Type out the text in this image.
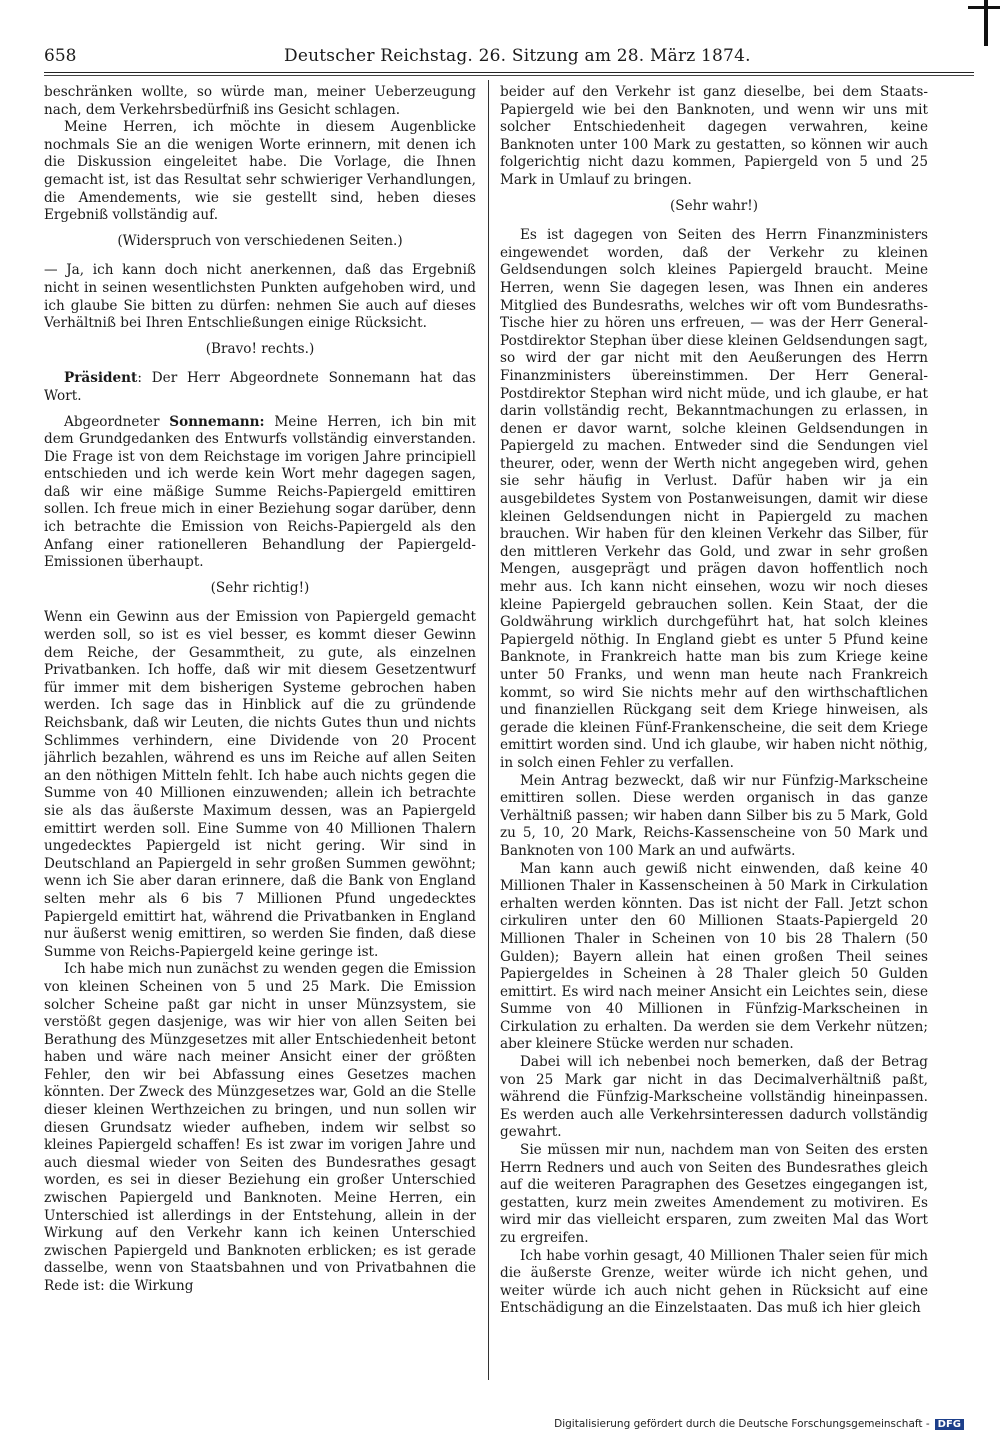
658	Deutscher Reichstag. 26. Sitzung am 28. März 1874.

beschränken wollte, so würde man, meiner Ueberzeugung nach, dem Verkehrsbedürfniß ins Gesicht schlagen.

Meine Herren, ich möchte in diesem Augenblicke nochmals Sie an die wenigen Worte erinnern, mit denen ich die Diskussion eingeleitet habe. Die Vorlage, die Ihnen gemacht ist, ist das Resultat sehr schwieriger Verhandlungen, die Amendements, wie sie gestellt sind, heben dieses Ergebniß vollständig auf.

(Widerspruch von verschiedenen Seiten.)

— Ja, ich kann doch nicht anerkennen, daß das Ergebniß nicht in seinen wesentlichsten Punkten aufgehoben wird, und ich glaube Sie bitten zu dürfen: nehmen Sie auch auf dieses Verhältniß bei Ihren Entschließungen einige Rücksicht.

(Bravo! rechts.)

Präsident: Der Herr Abgeordnete Sonnemann hat das Wort.

Abgeordneter Sonnemann: Meine Herren, ich bin mit dem Grundgedanken des Entwurfs vollständig einverstanden. Die Frage ist von dem Reichstage im vorigen Jahre principiell entschieden und ich werde kein Wort mehr dagegen sagen, daß wir eine mäßige Summe Reichs-Papiergeld emittiren sollen. Ich freue mich in einer Beziehung sogar darüber, denn ich betrachte die Emission von Reichs-Papiergeld als den Anfang einer rationelleren Behandlung der Papiergeld-Emissionen überhaupt.

(Sehr richtig!)

Wenn ein Gewinn aus der Emission von Papiergeld gemacht werden soll, so ist es viel besser, es kommt dieser Gewinn dem Reiche, der Gesammtheit, zu gute, als einzelnen Privatbanken. Ich hoffe, daß wir mit diesem Gesetzentwurf für immer mit dem bisherigen Systeme gebrochen haben werden. Ich sage das in Hinblick auf die zu gründende Reichsbank, daß wir Leuten, die nichts Gutes thun und nichts Schlimmes verhindern, eine Dividende von 20 Procent jährlich bezahlen, während es uns im Reiche auf allen Seiten an den nöthigen Mitteln fehlt. Ich habe auch nichts gegen die Summe von 40 Millionen einzuwenden; allein ich betrachte sie als das äußerste Maximum dessen, was an Papiergeld emittirt werden soll. Eine Summe von 40 Millionen Thalern ungedecktes Papiergeld ist nicht gering. Wir sind in Deutschland an Papiergeld in sehr großen Summen gewöhnt; wenn ich Sie aber daran erinnere, daß die Bank von England selten mehr als 6 bis 7 Millionen Pfund ungedecktes Papiergeld emittirt hat, während die Privatbanken in England nur äußerst wenig emittiren, so werden Sie finden, daß diese Summe von Reichs-Papiergeld keine geringe ist.

Ich habe mich nun zunächst zu wenden gegen die Emission von kleinen Scheinen von 5 und 25 Mark. Die Emission solcher Scheine paßt gar nicht in unser Münzsystem, sie verstößt gegen dasjenige, was wir hier von allen Seiten bei Berathung des Münzgesetzes mit aller Entschiedenheit betont haben und wäre nach meiner Ansicht einer der größten Fehler, den wir bei Abfassung eines Gesetzes machen könnten. Der Zweck des Münzgesetzes war, Gold an die Stelle dieser kleinen Werthzeichen zu bringen, und nun sollen wir diesen Grundsatz wieder aufheben, indem wir selbst so kleines Papiergeld schaffen! Es ist zwar im vorigen Jahre und auch diesmal wieder von Seiten des Bundesrathes gesagt worden, es sei in dieser Beziehung ein großer Unterschied zwischen Papiergeld und Banknoten. Meine Herren, ein Unterschied ist allerdings in der Entstehung, allein in der Wirkung auf den Verkehr kann ich keinen Unterschied zwischen Papiergeld und Banknoten erblicken; es ist gerade dasselbe, wenn von Staatsbahnen und von Privatbahnen die Rede ist: die Wirkung

beider auf den Verkehr ist ganz dieselbe, bei dem Staats-Papiergeld wie bei den Banknoten, und wenn wir uns mit solcher Entschiedenheit dagegen verwahren, keine Banknoten unter 100 Mark zu gestatten, so können wir auch folgerichtig nicht dazu kommen, Papiergeld von 5 und 25 Mark in Umlauf zu bringen.

(Sehr wahr!)

Es ist dagegen von Seiten des Herrn Finanzministers eingewendet worden, daß der Verkehr zu kleinen Geldsendungen solch kleines Papiergeld braucht. Meine Herren, wenn Sie dagegen lesen, was Ihnen ein anderes Mitglied des Bundesraths, welches wir oft vom Bundesraths-Tische hier zu hören uns erfreuen, — was der Herr General-Postdirektor Stephan über diese kleinen Geldsendungen sagt, so wird der gar nicht mit den Aeußerungen des Herrn Finanzministers übereinstimmen. Der Herr General-Postdirektor Stephan wird nicht müde, und ich glaube, er hat darin vollständig recht, Bekanntmachungen zu erlassen, in denen er davor warnt, solche kleinen Geldsendungen in Papiergeld zu machen. Entweder sind die Sendungen viel theurer, oder, wenn der Werth nicht angegeben wird, gehen sie sehr häufig in Verlust. Dafür haben wir ja ein ausgebildetes System von Postanweisungen, damit wir diese kleinen Geldsendungen nicht in Papiergeld zu machen brauchen. Wir haben für den kleinen Verkehr das Silber, für den mittleren Verkehr das Gold, und zwar in sehr großen Mengen, ausgeprägt und prägen davon hoffentlich noch mehr aus. Ich kann nicht einsehen, wozu wir noch dieses kleine Papiergeld gebrauchen sollen. Kein Staat, der die Goldwährung wirklich durchgeführt hat, hat solch kleines Papiergeld nöthig. In England giebt es unter 5 Pfund keine Banknote, in Frankreich hatte man bis zum Kriege keine unter 50 Franks, und wenn man heute nach Frankreich kommt, so wird Sie nichts mehr auf den wirthschaftlichen und finanziellen Rückgang seit dem Kriege hinweisen, als gerade die kleinen Fünf-Frankenscheine, die seit dem Kriege emittirt worden sind. Und ich glaube, wir haben nicht nöthig, in solch einen Fehler zu verfallen.

Mein Antrag bezweckt, daß wir nur Fünfzig-Markscheine emittiren sollen. Diese werden organisch in das ganze Verhältniß passen; wir haben dann Silber bis zu 5 Mark, Gold zu 5, 10, 20 Mark, Reichs-Kassenscheine von 50 Mark und Banknoten von 100 Mark an und aufwärts.

Man kann auch gewiß nicht einwenden, daß keine 40 Millionen Thaler in Kassenscheinen à 50 Mark in Cirkulation erhalten werden könnten. Das ist nicht der Fall. Jetzt schon cirkuliren unter den 60 Millionen Staats-Papiergeld 20 Millionen Thaler in Scheinen von 10 bis 28 Thalern (50 Gulden); Bayern allein hat einen großen Theil seines Papiergeldes in Scheinen à 28 Thaler gleich 50 Gulden emittirt. Es wird nach meiner Ansicht ein Leichtes sein, diese Summe von 40 Millionen in Fünfzig-Markscheinen in Cirkulation zu erhalten. Da werden sie dem Verkehr nützen; aber kleinere Stücke werden nur schaden.

Dabei will ich nebenbei noch bemerken, daß der Betrag von 25 Mark gar nicht in das Decimalverhältniß paßt, während die Fünfzig-Markscheine vollständig hineinpassen. Es werden auch alle Verkehrsinteressen dadurch vollständig gewahrt.

Sie müssen mir nun, nachdem man von Seiten des ersten Herrn Redners und auch von Seiten des Bundesrathes gleich auf die weiteren Paragraphen des Gesetzes eingegangen ist, gestatten, kurz mein zweites Amendement zu motiviren. Es wird mir das vielleicht ersparen, zum zweiten Mal das Wort zu ergreifen.

Ich habe vorhin gesagt, 40 Millionen Thaler seien für mich die äußerste Grenze, weiter würde ich nicht gehen, und weiter würde ich auch nicht gehen in Rücksicht auf eine Entschädigung an die Einzelstaaten. Das muß ich hier gleich

Digitalisierung gefördert durch die Deutsche Forschungsgemeinschaft - DFG
